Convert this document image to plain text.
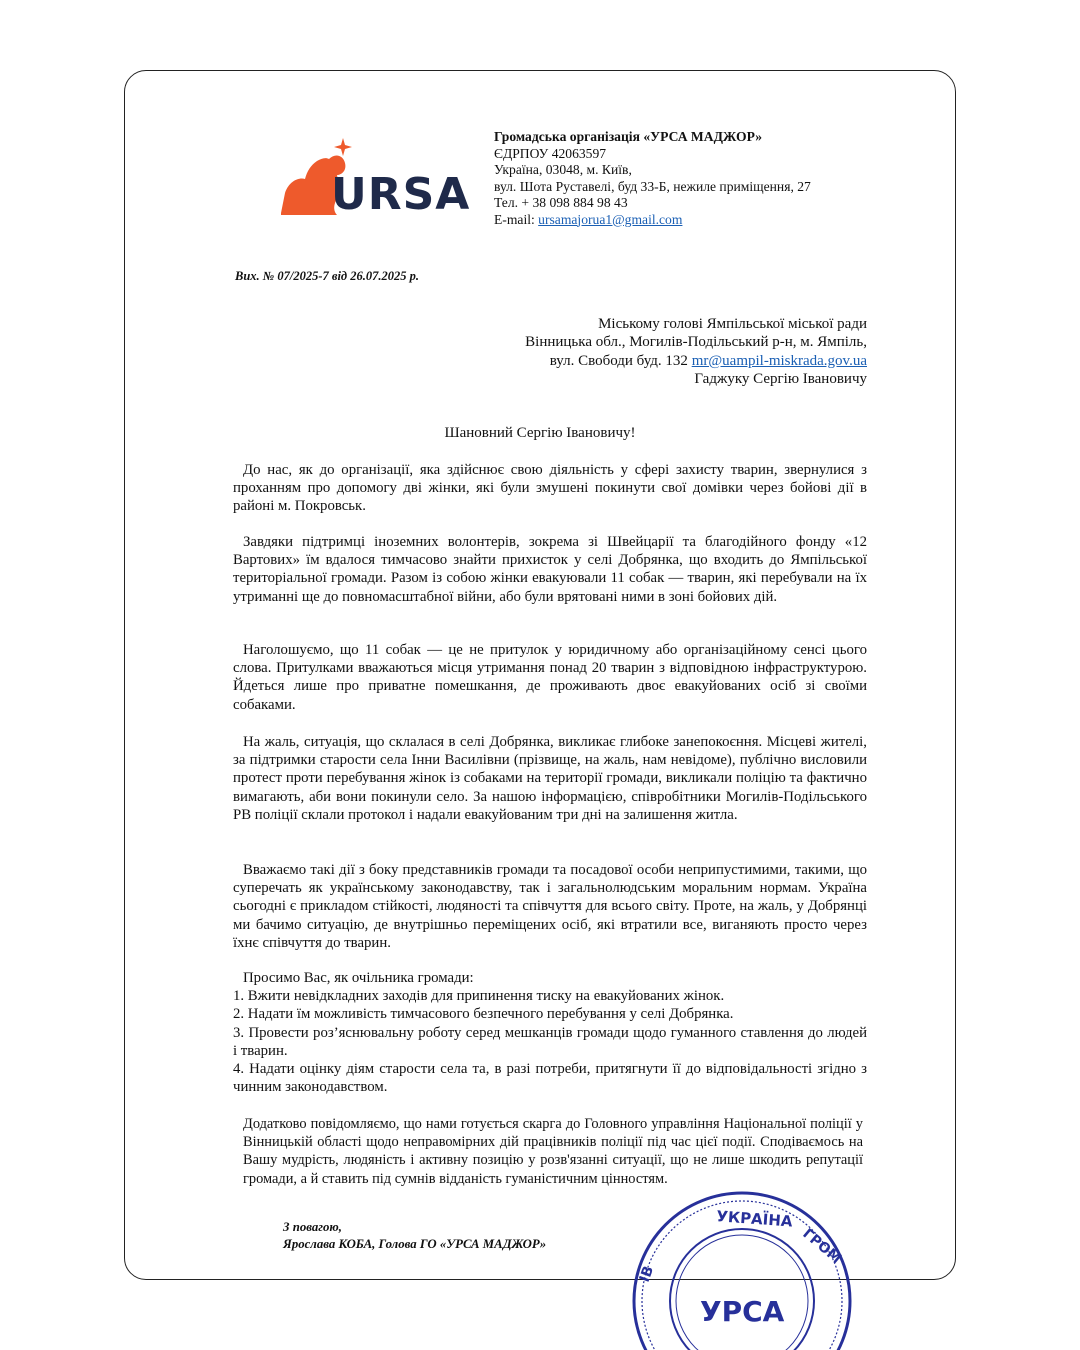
URSA
Громадська організація «УРСА МАДЖОР»
ЄДРПОУ 42063597
Україна, 03048, м. Київ,
вул. Шота Руставелі, буд 33-Б, нежиле приміщення, 27
Тел. + 38 098 884 98 43
E-mail: ursamajorua1@gmail.com
Вих. № 07/2025-7 від 26.07.2025 р.
Міському голові Ямпільської міської ради
Вінницька обл., Могилів-Подільський р-н, м. Ямпіль,
вул. Свободи буд. 132 mr@uampil-miskrada.gov.ua
Гаджуку Сергію Івановичу
Шановний Сергію Івановичу!
До нас, як до організації, яка здійснює свою діяльність у сфері захисту тварин, звернулися з проханням про допомогу дві жінки, які були змушені покинути свої домівки через бойові дії в районі м. Покровськ.
Завдяки підтримці іноземних волонтерів, зокрема зі Швейцарії та благодійного фонду «12 Вартових» їм вдалося тимчасово знайти прихисток у селі Добрянка, що входить до Ямпільської територіальної громади. Разом із собою жінки евакуювали 11 собак — тварин, які перебували на їх утриманні ще до повномасштабної війни, або були врятовані ними в зоні бойових дій.
Наголошуємо, що 11 собак — це не притулок у юридичному або організаційному сенсі цього слова. Притулками вважаються місця утримання понад 20 тварин з відповідною інфраструктурою. Йдеться лише про приватне помешкання, де проживають двоє евакуйованих осіб зі своїми собаками.
На жаль, ситуація, що склалася в селі Добрянка, викликає глибоке занепокоєння. Місцеві жителі, за підтримки старости села Інни Василівни (прізвище, на жаль, нам невідоме), публічно висловили протест проти перебування жінок із собаками на території громади, викликали поліцію та фактично вимагають, аби вони покинули село. За нашою інформацією, співробітники Могилів-Подільського РВ поліції склали протокол і надали евакуйованим три дні на залишення житла.
Вважаємо такі дії з боку представників громади та посадової особи неприпустимими, такими, що суперечать як українському законодавству, так і загальнолюдським моральним нормам. Україна сьогодні є прикладом стійкості, людяності та співчуття для всього світу. Проте, на жаль, у Добрянці ми бачимо ситуацію, де внутрішньо переміщених осіб, які втратили все, виганяють просто через їхнє співчуття до тварин.
Просимо Вас, як очільника громади:
1. Вжити невідкладних заходів для припинення тиску на евакуйованих жінок.
2. Надати їм можливість тимчасового безпечного перебування у селі Добрянка.
3. Провести роз’яснювальну роботу серед мешканців громади щодо гуманного ставлення до людей і тварин.
4. Надати оцінку діям старости села та, в разі потреби, притягнути її до відповідальності згідно з чинним законодавством.
Додатково повідомляємо, що нами готується скарга до Головного управління Національної поліції у Вінницькій області щодо неправомірних дій працівників поліції під час цієї події. Сподіваємось на Вашу мудрість, людяність і активну позицію у розв'язанні ситуації, що не лише шкодить репутації громади, а й ставить під сумнів відданість гуманістичним цінностям.
УКРАЇНА
ГРОМ
ІВ
УРСА
З повагою,
Ярослава КОБА, Голова ГО «УРСА МАДЖОР»
